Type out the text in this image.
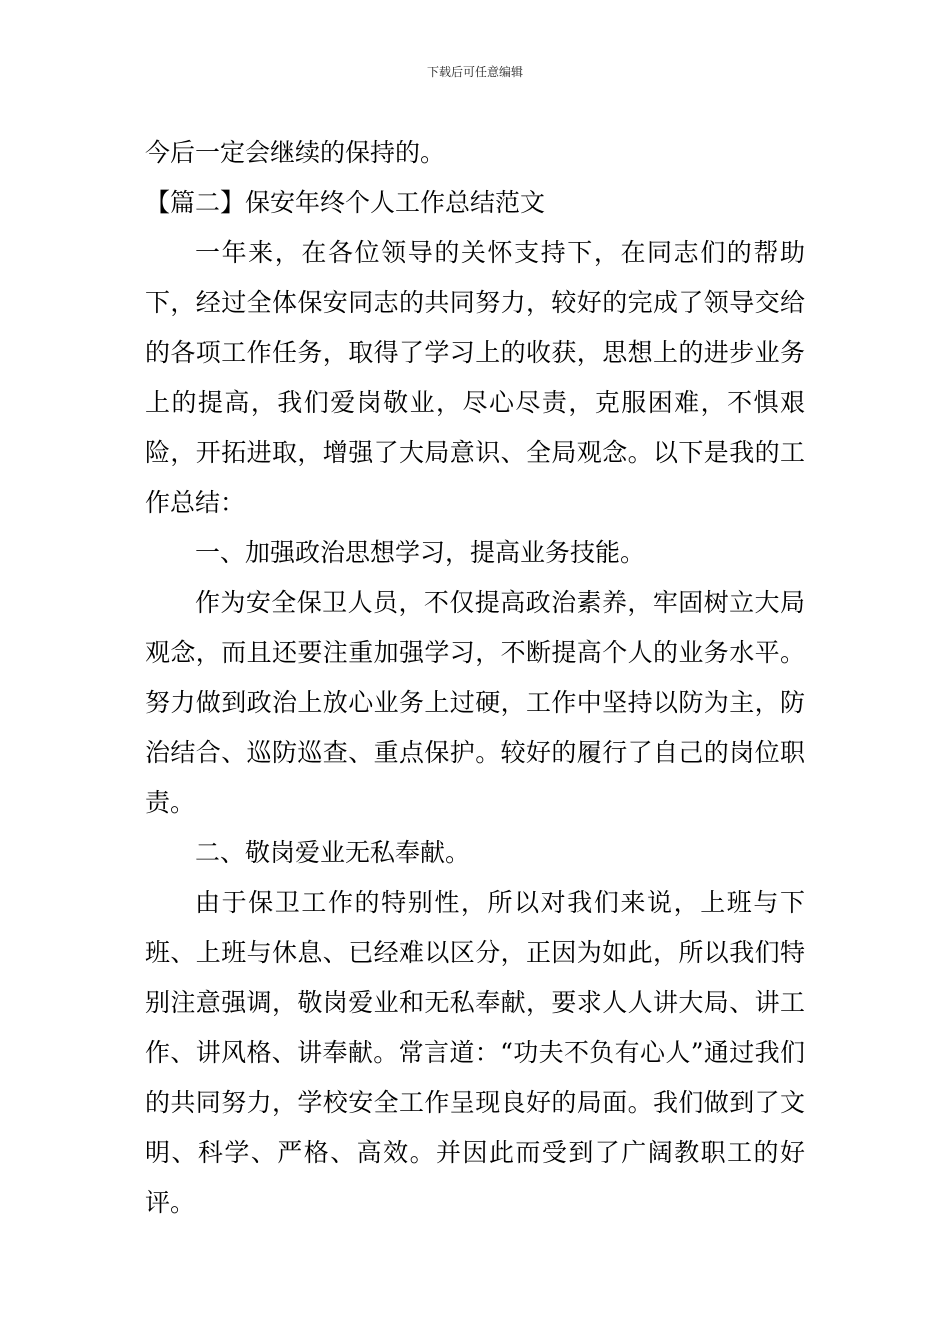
下载后可任意编辑

今后一定会继续的保持的。

【篇二】保安年终个人工作总结范文

一年来，在各位领导的关怀支持下，在同志们的帮助下，经过全体保安同志的共同努力，较好的完成了领导交给的各项工作任务，取得了学习上的收获，思想上的进步业务上的提高，我们爱岗敬业，尽心尽责，克服困难，不惧艰险，开拓进取，增强了大局意识、全局观念。以下是我的工作总结：

一、加强政治思想学习，提高业务技能。

作为安全保卫人员，不仅提高政治素养，牢固树立大局观念，而且还要注重加强学习，不断提高个人的业务水平。努力做到政治上放心业务上过硬，工作中坚持以防为主，防治结合、巡防巡查、重点保护。较好的履行了自己的岗位职责。

二、敬岗爱业无私奉献。

由于保卫工作的特别性，所以对我们来说，上班与下班、上班与休息、已经难以区分，正因为如此，所以我们特别注意强调，敬岗爱业和无私奉献，要求人人讲大局、讲工作、讲风格、讲奉献。常言道：“功夫不负有心人”通过我们的共同努力，学校安全工作呈现良好的局面。我们做到了文明、科学、严格、高效。并因此而受到了广阔教职工的好评。
